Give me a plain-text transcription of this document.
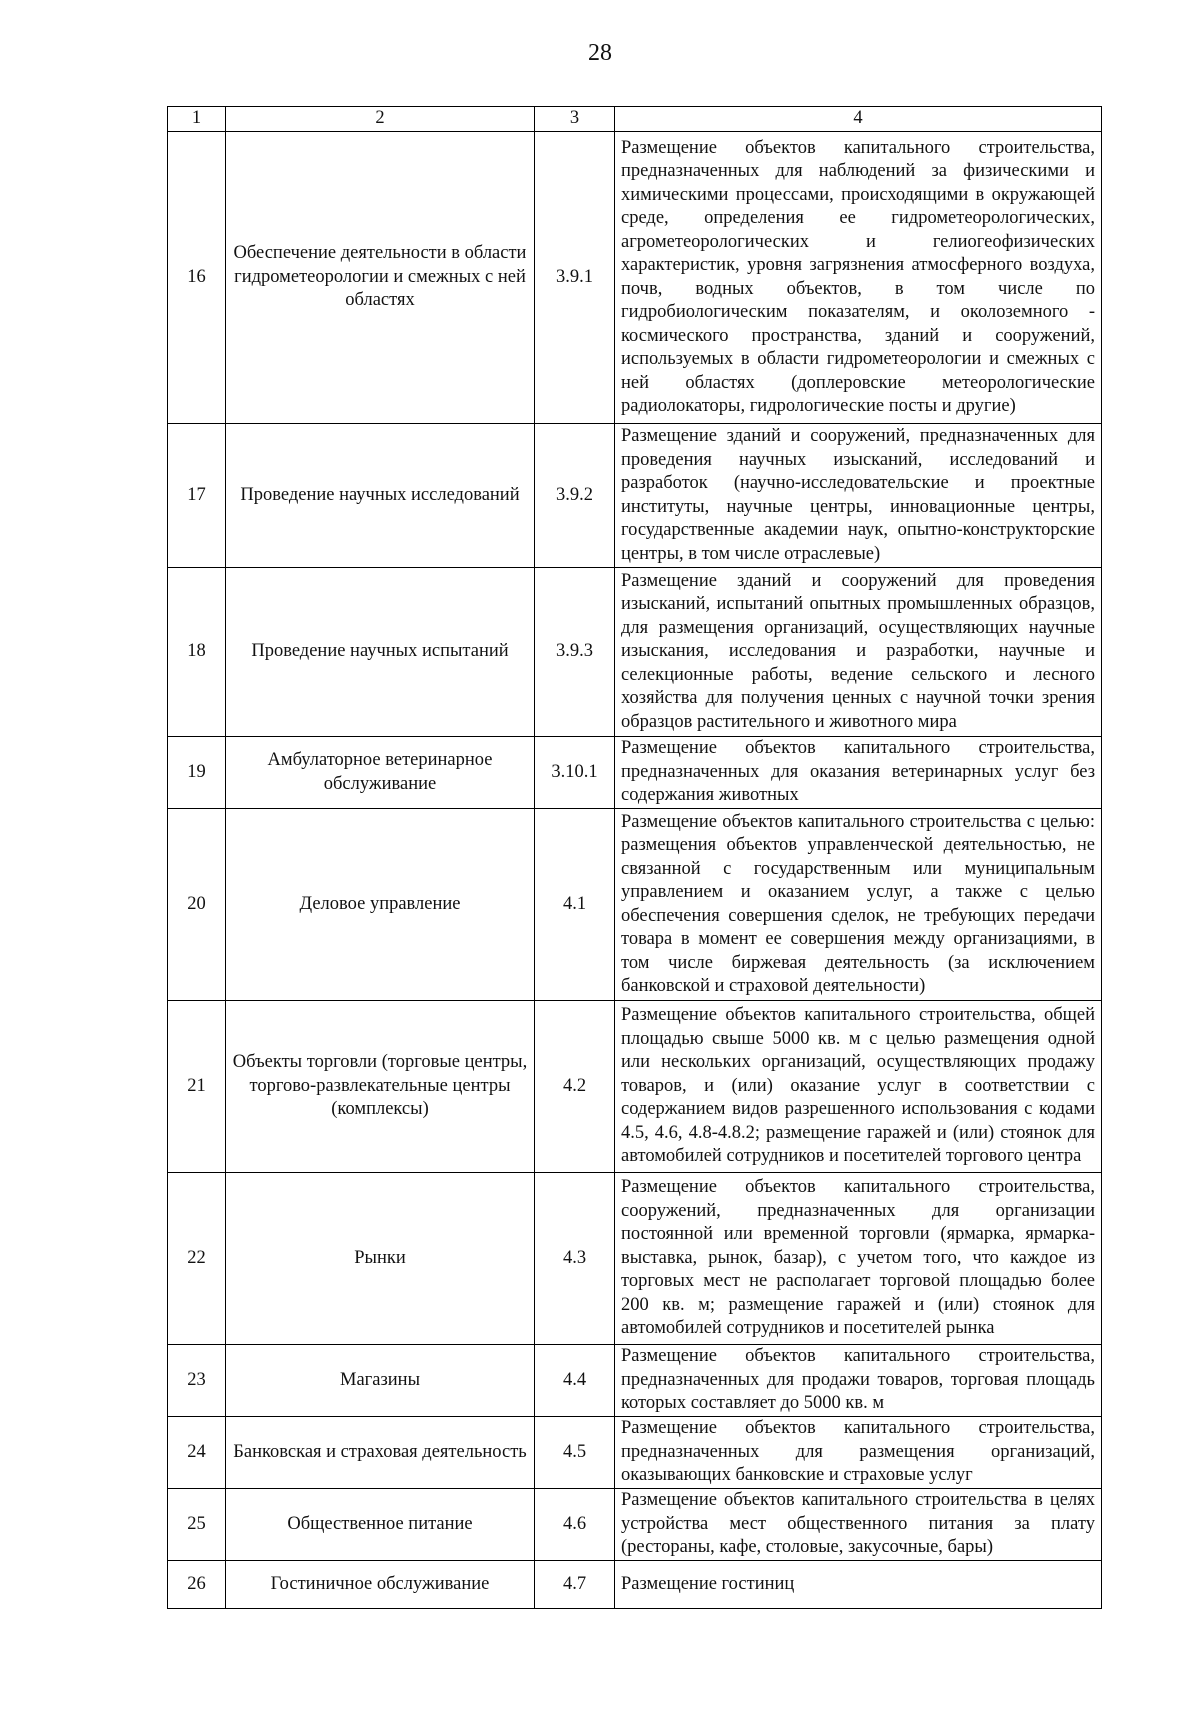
28
1	2	3	4
16	Обеспечение деятельности в области гидрометеорологии и смежных с ней областях	3.9.1	Размещение объектов капитального строительства, предназначенных для наблюдений за физическими и химическими процессами, происходящими в окружающей среде, определения ее гидрометеорологических, агрометеорологических и гелиогеофизических характеристик, уровня загрязнения атмосферного воздуха, почв, водных объектов, в том числе по гидробиологическим показателям, и околоземного - космического пространства, зданий и сооружений, используемых в области гидрометеорологии и смежных с ней областях (доплеровские метеорологические радиолокаторы, гидрологические посты и другие)
17	Проведение научных исследований	3.9.2	Размещение зданий и сооружений, предназначенных для проведения научных изысканий, исследований и разработок (научно-исследовательские и проектные институты, научные центры, инновационные центры, государственные академии наук, опытно-конструкторские центры, в том числе отраслевые)
18	Проведение научных испытаний	3.9.3	Размещение зданий и сооружений для проведения изысканий, испытаний опытных промышленных образцов, для размещения организаций, осуществляющих научные изыскания, исследования и разработки, научные и селекционные работы, ведение сельского и лесного хозяйства для получения ценных с научной точки зрения образцов растительного и животного мира
19	Амбулаторное ветеринарное обслуживание	3.10.1	Размещение объектов капитального строительства, предназначенных для оказания ветеринарных услуг без содержания животных
20	Деловое управление	4.1	Размещение объектов капитального строительства с целью: размещения объектов управленческой деятельностью, не связанной с государственным или муниципальным управлением и оказанием услуг, а также с целью обеспечения совершения сделок, не требующих передачи товара в момент ее совершения между организациями, в том числе биржевая деятельность (за исключением банковской и страховой деятельности)
21	Объекты торговли (торговые центры, торгово-развлекательные центры (комплексы)	4.2	Размещение объектов капитального строительства, общей площадью свыше 5000 кв. м с целью размещения одной или нескольких организаций, осуществляющих продажу товаров, и (или) оказание услуг в соответствии с содержанием видов разрешенного использования с кодами 4.5, 4.6, 4.8-4.8.2; размещение гаражей и (или) стоянок для автомобилей сотрудников и посетителей торгового центра
22	Рынки	4.3	Размещение объектов капитального строительства, сооружений, предназначенных для организации постоянной или временной торговли (ярмарка, ярмарка-выставка, рынок, базар), с учетом того, что каждое из торговых мест не располагает торговой площадью более 200 кв. м; размещение гаражей и (или) стоянок для автомобилей сотрудников и посетителей рынка
23	Магазины	4.4	Размещение объектов капитального строительства, предназначенных для продажи товаров, торговая площадь которых составляет до 5000 кв. м
24	Банковская и страховая деятельность	4.5	Размещение объектов капитального строительства, предназначенных для размещения организаций, оказывающих банковские и страховые услуг
25	Общественное питание	4.6	Размещение объектов капитального строительства в целях устройства мест общественного питания за плату (рестораны, кафе, столовые, закусочные, бары)
26	Гостиничное обслуживание	4.7	Размещение гостиниц
